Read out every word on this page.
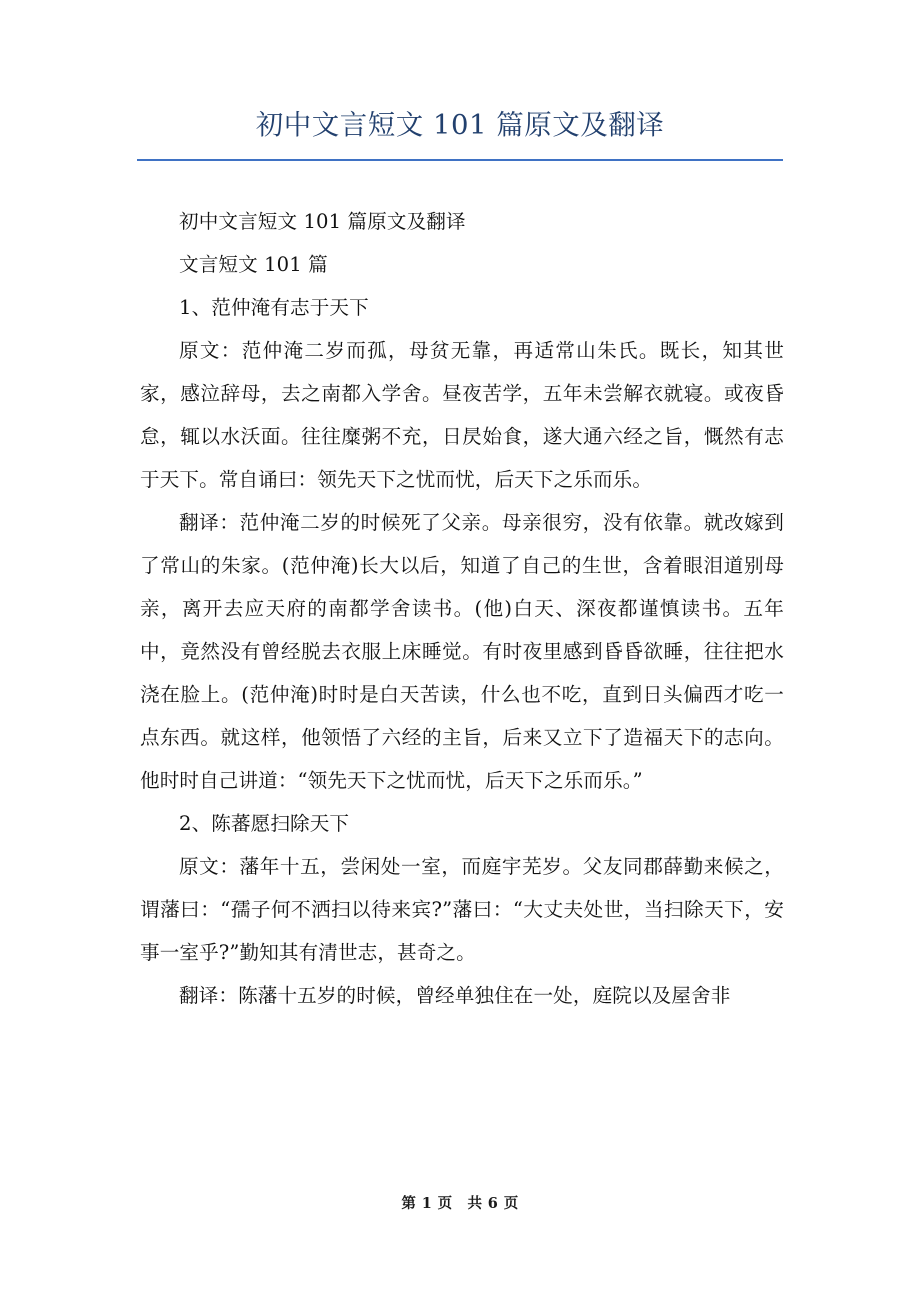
初中文言短文 101 篇原文及翻译

初中文言短文 101 篇原文及翻译

文言短文 101 篇

1、范仲淹有志于天下

原文：范仲淹二岁而孤，母贫无靠，再适常山朱氏。既长，知其世家，感泣辞母，去之南都入学舍。昼夜苦学，五年未尝解衣就寝。或夜昏怠，辄以水沃面。往往糜粥不充，日昃始食，遂大通六经之旨，慨然有志于天下。常自诵曰：领先天下之忧而忧，后天下之乐而乐。

翻译：范仲淹二岁的时候死了父亲。母亲很穷，没有依靠。就改嫁到了常山的朱家。(范仲淹)长大以后，知道了自己的生世，含着眼泪道别母亲，离开去应天府的南都学舍读书。(他)白天、深夜都谨慎读书。五年中，竟然没有曾经脱去衣服上床睡觉。有时夜里感到昏昏欲睡，往往把水浇在脸上。(范仲淹)时时是白天苦读，什么也不吃，直到日头偏西才吃一点东西。就这样，他领悟了六经的主旨，后来又立下了造福天下的志向。他时时自己讲道：“领先天下之忧而忧，后天下之乐而乐。”

2、陈蕃愿扫除天下

原文：藩年十五，尝闲处一室，而庭宇芜岁。父友同郡薛勤来候之，谓藩曰：“孺子何不洒扫以待来宾?”藩曰：“大丈夫处世，当扫除天下，安事一室乎?”勤知其有清世志，甚奇之。

翻译：陈藩十五岁的时候，曾经单独住在一处，庭院以及屋舍非

第 1 页　共 6 页
